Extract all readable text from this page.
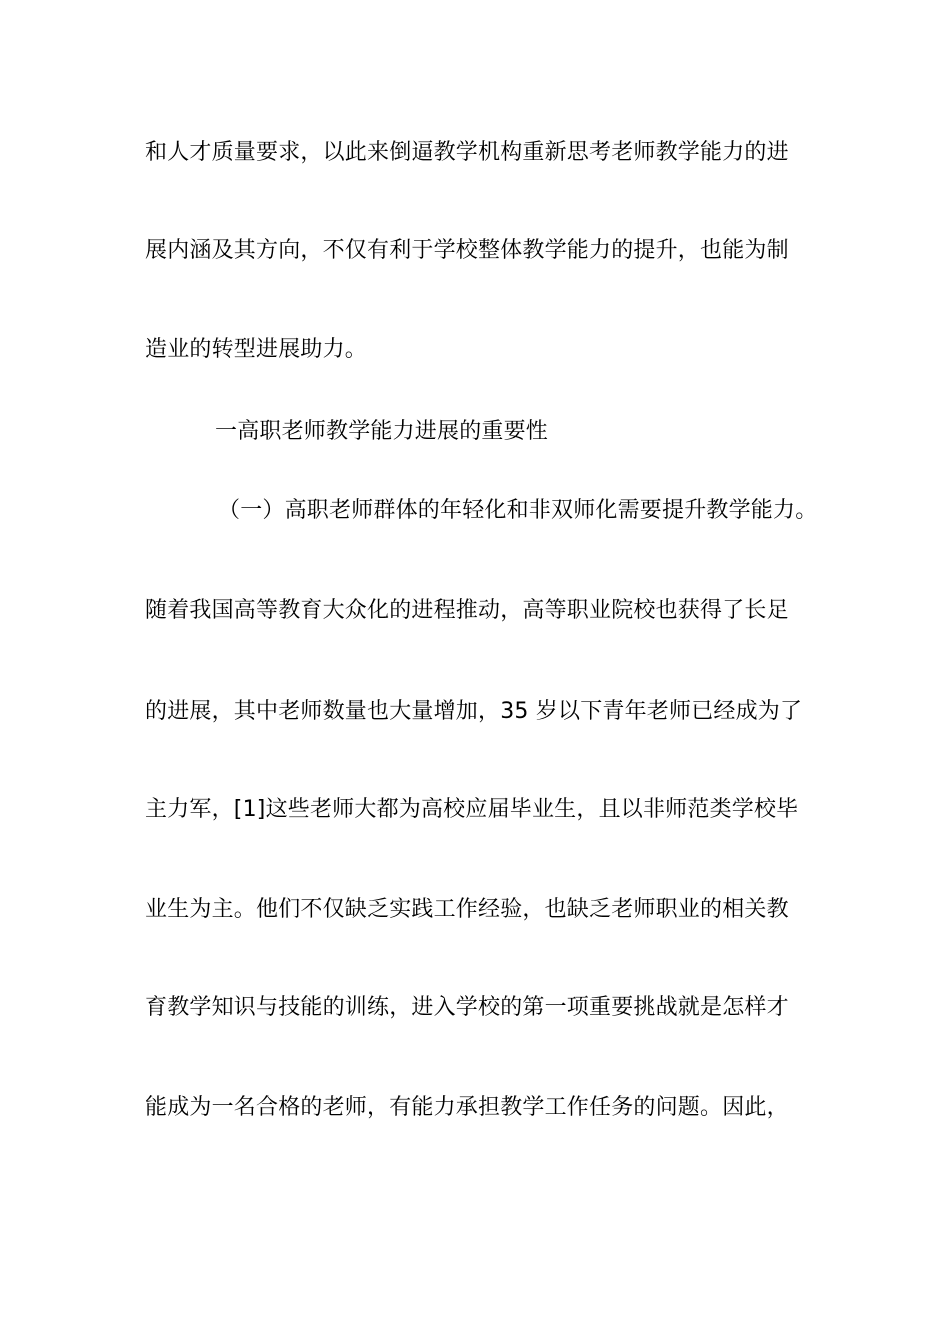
和人才质量要求，以此来倒逼教学机构重新思考老师教学能力的进
展内涵及其方向，不仅有利于学校整体教学能力的提升，也能为制
造业的转型进展助力。
一高职老师教学能力进展的重要性
（一）高职老师群体的年轻化和非双师化需要提升教学能力。
随着我国高等教育大众化的进程推动，高等职业院校也获得了长足
的进展，其中老师数量也大量增加，35 岁以下青年老师已经成为了
主力军，[1]这些老师大都为高校应届毕业生，且以非师范类学校毕
业生为主。他们不仅缺乏实践工作经验，也缺乏老师职业的相关教
育教学知识与技能的训练，进入学校的第一项重要挑战就是怎样才
能成为一名合格的老师，有能力承担教学工作任务的问题。因此，
